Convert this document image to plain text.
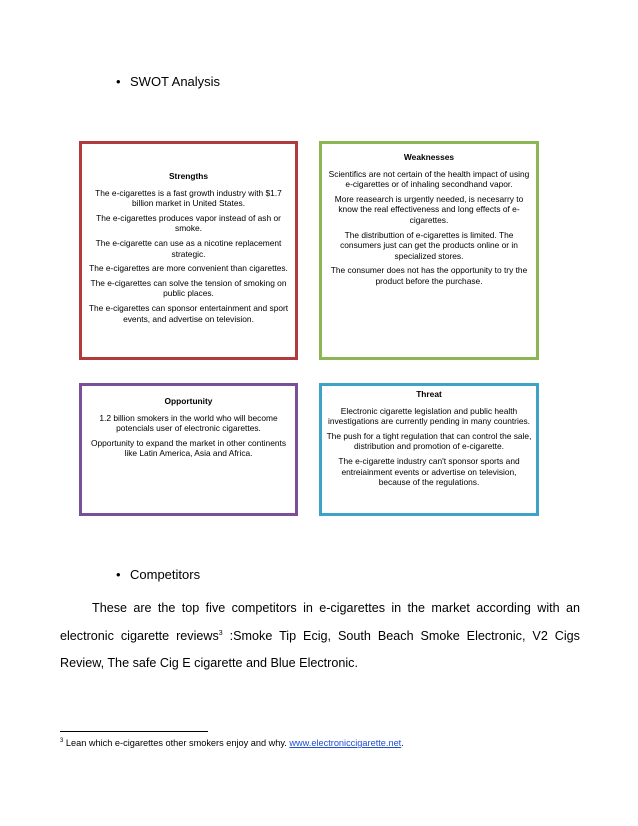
• SWOT Analysis
Strengths

The e-cigarettes is a fast growth industry with $1.7 billion market in United States.

The e-cigarettes produces vapor instead of ash or smoke.

The e-cigarette can use as a nicotine replacement strategic.

The e-cigarettes are more convenient than cigarettes.

The e-cigarettes can solve the tension of smoking on public places.

The e-cigarettes can sponsor entertainment and sport events, and advertise on television.

Weaknesses

Scientifics are not certain of the health impact of using e-cigarettes or of inhaling secondhand vapor.

More reasearch is urgently needed, is necesarry to know the real effectiveness and long effects of e-cigarettes.

The distributtion of e-cigarettes is limited. The consumers just can get the products online or in specialized stores.

The consumer does not has the opportunity to try the product before the purchase.

Opportunity

1.2 billion smokers in the world who will become potencials user of electronic cigarettes.

Opportunity to expand the market in other continents like Latin America, Asia and Africa.

Threat

Electronic cigarette legislation and public health investigations are currently pending in many countries.

The push for a tight regulation that can control the sale, distribution and promotion of e-cigarette.

The e-cigarette industry can't sponsor sports and entreiainment events or advertise on television, because of the regulations.

• Competitors

These are the top five competitors in e-cigarettes in the market according with an electronic cigarette reviews$^3$ :Smoke Tip Ecig, South Beach Smoke Electronic, V2 Cigs Review, The safe Cig E cigarette and Blue Electronic.

$^3$ Lean which e-cigarettes other smokers enjoy and why. www.electroniccigarette.net.
